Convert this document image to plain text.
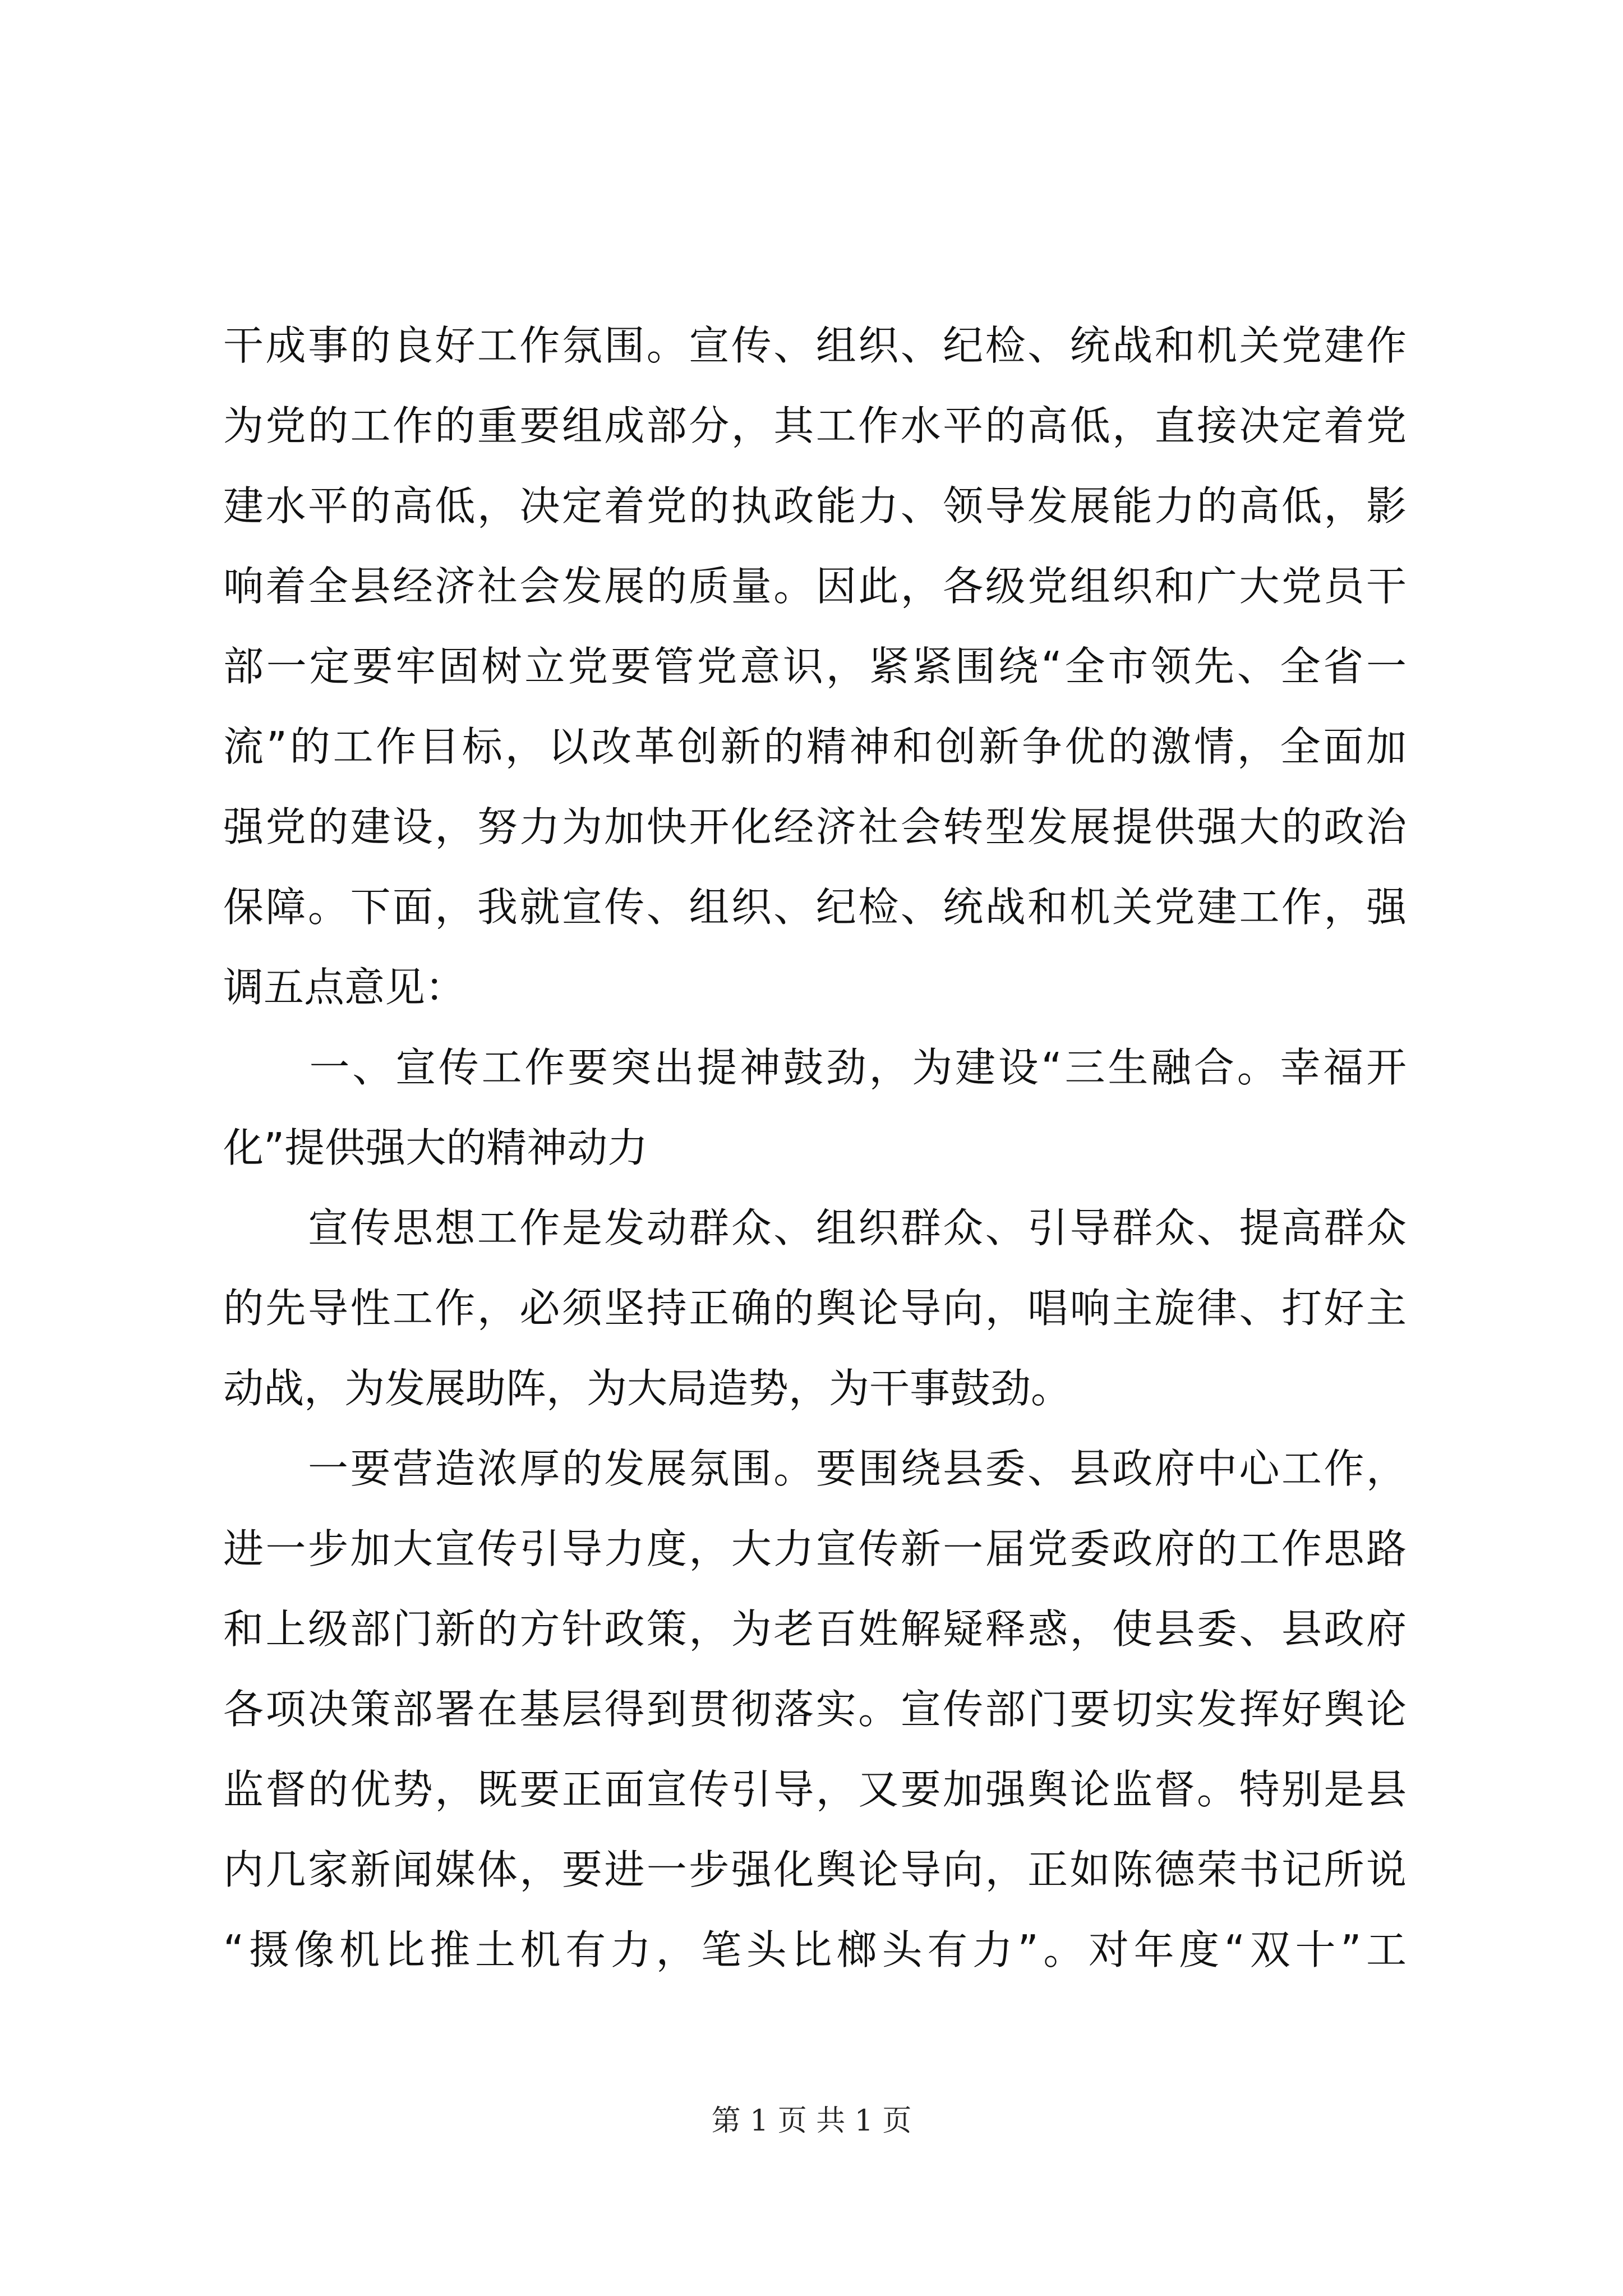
干成事的良好工作氛围。宣传、组织、纪检、统战和机关党建作
为党的工作的重要组成部分，其工作水平的高低，直接决定着党
建水平的高低，决定着党的执政能力、领导发展能力的高低，影
响着全县经济社会发展的质量。因此，各级党组织和广大党员干
部一定要牢固树立党要管党意识，紧紧围绕“全市领先、全省一
流”的工作目标，以改革创新的精神和创新争优的激情，全面加
强党的建设，努力为加快开化经济社会转型发展提供强大的政治
保障。下面，我就宣传、组织、纪检、统战和机关党建工作，强
调五点意见：
　　一、宣传工作要突出提神鼓劲，为建设“三生融合。幸福开
化”提供强大的精神动力
　　宣传思想工作是发动群众、组织群众、引导群众、提高群众
的先导性工作，必须坚持正确的舆论导向，唱响主旋律、打好主
动战，为发展助阵，为大局造势，为干事鼓劲。
　　一要营造浓厚的发展氛围。要围绕县委、县政府中心工作，
进一步加大宣传引导力度，大力宣传新一届党委政府的工作思路
和上级部门新的方针政策，为老百姓解疑释惑，使县委、县政府
各项决策部署在基层得到贯彻落实。宣传部门要切实发挥好舆论
监督的优势，既要正面宣传引导，又要加强舆论监督。特别是县
内几家新闻媒体，要进一步强化舆论导向，正如陈德荣书记所说
“摄像机比推土机有力，笔头比榔头有力”。对年度“双十”工
第 1 页 共 1 页
